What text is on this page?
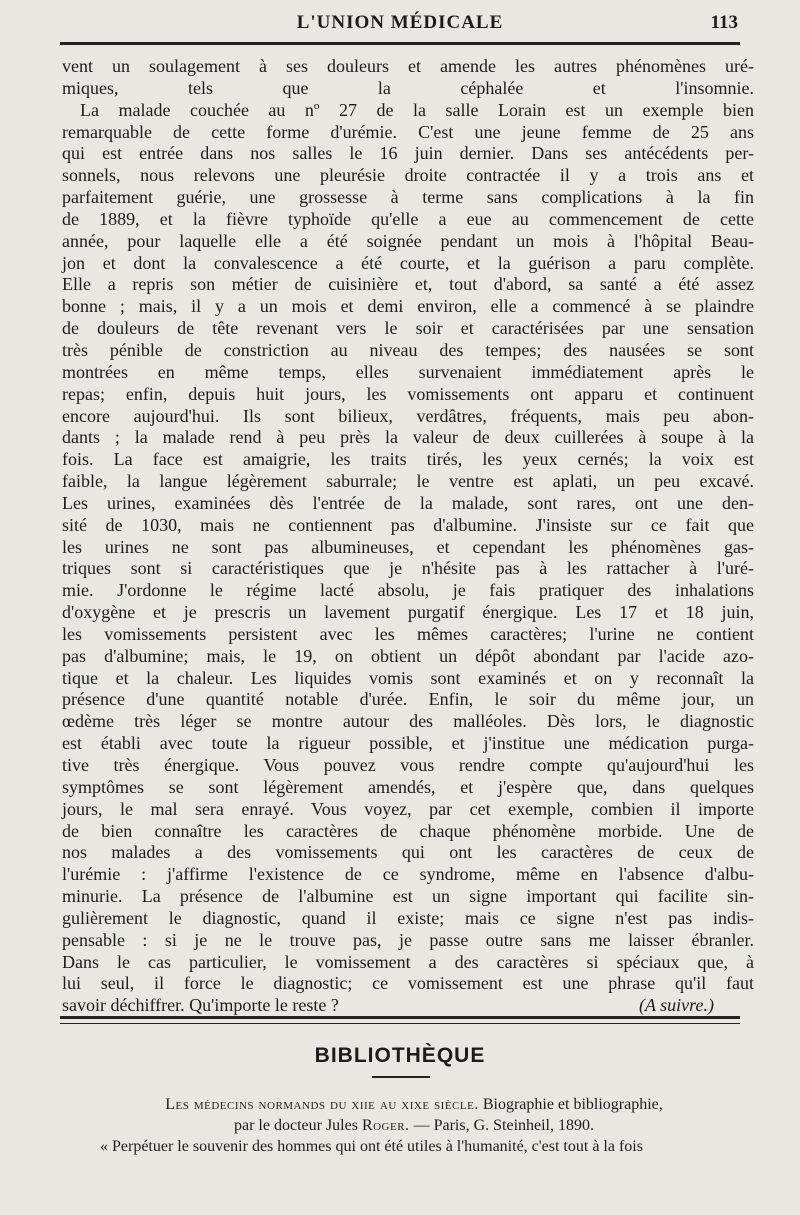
L'UNION MÉDICALE	113
vent un soulagement à ses douleurs et amende les autres phénomènes uré-
miques, tels que la céphalée et l'insomnie.
La malade couchée au nº 27 de la salle Lorain est un exemple bien
remarquable de cette forme d'urémie. C'est une jeune femme de 25 ans
qui est entrée dans nos salles le 16 juin dernier. Dans ses antécédents per-
sonnels, nous relevons une pleurésie droite contractée il y a trois ans et
parfaitement guérie, une grossesse à terme sans complications à la fin
de 1889, et la fièvre typhoïde qu'elle a eue au commencement de cette
année, pour laquelle elle a été soignée pendant un mois à l'hôpital Beau-
jon et dont la convalescence a été courte, et la guérison a paru complète.
Elle a repris son métier de cuisinière et, tout d'abord, sa santé a été assez
bonne ; mais, il y a un mois et demi environ, elle a commencé à se plaindre
de douleurs de tête revenant vers le soir et caractérisées par une sensation
très pénible de constriction au niveau des tempes; des nausées se sont
montrées en même temps, elles survenaient immédiatement après le
repas; enfin, depuis huit jours, les vomissements ont apparu et continuent
encore aujourd'hui. Ils sont bilieux, verdâtres, fréquents, mais peu abon-
dants ; la malade rend à peu près la valeur de deux cuillerées à soupe à la
fois. La face est amaigrie, les traits tirés, les yeux cernés; la voix est
faible, la langue légèrement saburrale; le ventre est aplati, un peu excavé.
Les urines, examinées dès l'entrée de la malade, sont rares, ont une den-
sité de 1030, mais ne contiennent pas d'albumine. J'insiste sur ce fait que
les urines ne sont pas albumineuses, et cependant les phénomènes gas-
triques sont si caractéristiques que je n'hésite pas à les rattacher à l'uré-
mie. J'ordonne le régime lacté absolu, je fais pratiquer des inhalations
d'oxygène et je prescris un lavement purgatif énergique. Les 17 et 18 juin,
les vomissements persistent avec les mêmes caractères; l'urine ne contient
pas d'albumine; mais, le 19, on obtient un dépôt abondant par l'acide azo-
tique et la chaleur. Les liquides vomis sont examinés et on y reconnaît la
présence d'une quantité notable d'urée. Enfin, le soir du même jour, un
œdème très léger se montre autour des malléoles. Dès lors, le diagnostic
est établi avec toute la rigueur possible, et j'institue une médication purga-
tive très énergique. Vous pouvez vous rendre compte qu'aujourd'hui les
symptômes se sont légèrement amendés, et j'espère que, dans quelques
jours, le mal sera enrayé. Vous voyez, par cet exemple, combien il importe
de bien connaître les caractères de chaque phénomène morbide. Une de
nos malades a des vomissements qui ont les caractères de ceux de
l'urémie : j'affirme l'existence de ce syndrome, même en l'absence d'albu-
minurie. La présence de l'albumine est un signe important qui facilite sin-
gulièrement le diagnostic, quand il existe; mais ce signe n'est pas indis-
pensable : si je ne le trouve pas, je passe outre sans me laisser ébranler.
Dans le cas particulier, le vomissement a des caractères si spéciaux que, à
lui seul, il force le diagnostic; ce vomissement est une phrase qu'il faut
savoir déchiffrer. Qu'importe le reste ?	(A suivre.)
BIBLIOTHÈQUE
Les médecins normands du xiie au xixe siècle. Biographie et bibliographie,
par le docteur Jules Roger. — Paris, G. Steinheil, 1890.
« Perpétuer le souvenir des hommes qui ont été utiles à l'humanité, c'est tout à la fois
